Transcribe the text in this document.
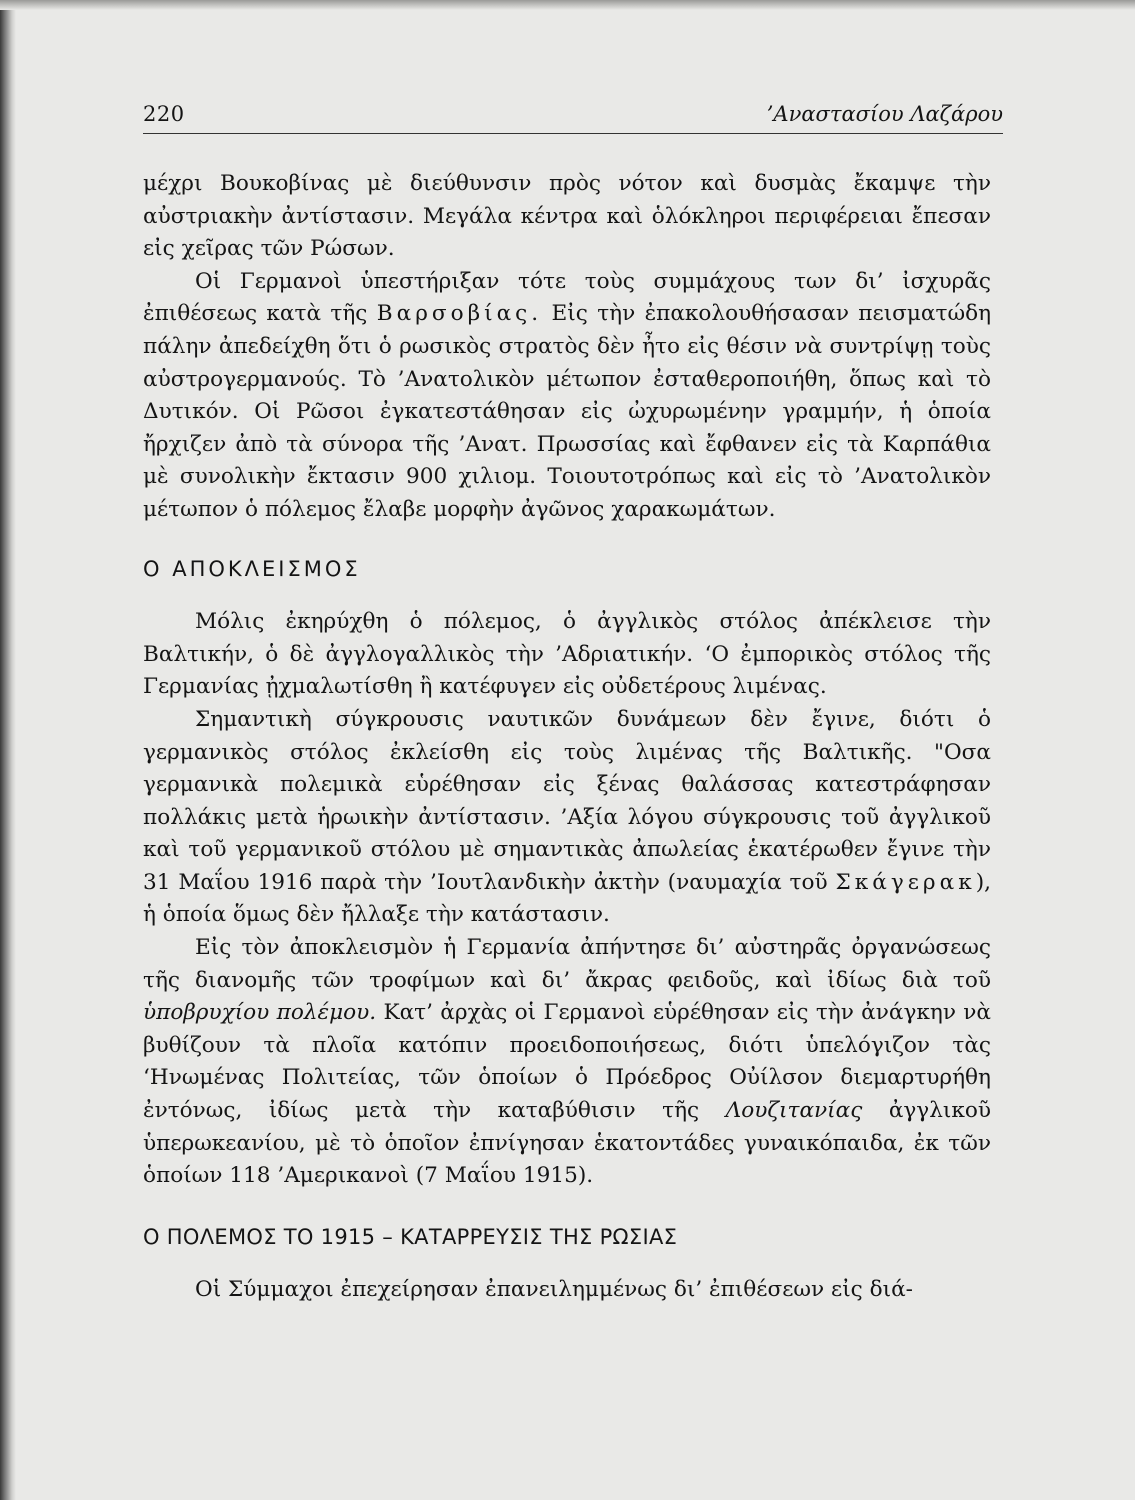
220	’Αναστασίου Λαζάρου

μέχρι Βουκοβίνας μὲ διεύθυνσιν πρὸς νότον καὶ δυσμὰς ἔκαμψε τὴν αὐστριακὴν ἀντίστασιν. Μεγάλα κέντρα καὶ ὁλόκληροι περιφέρειαι ἔπεσαν εἰς χεῖρας τῶν Ρώσων.

Οἱ Γερμανοὶ ὑπεστήριξαν τότε τοὺς συμμάχους των δι’ ἰσχυρᾶς ἐπιθέσεως κατὰ τῆς Βαρσοβίας. Εἰς τὴν ἐπακολουθήσασαν πεισματώδη πάλην ἀπεδείχθη ὅτι ὁ ρωσικὸς στρατὸς δὲν ἦτο εἰς θέσιν νὰ συντρίψῃ τοὺς αὐστρογερμανούς. Τὸ ’Ανατολικὸν μέτωπον ἐσταθεροποιήθη, ὅπως καὶ τὸ Δυτικόν. Οἱ Ρῶσοι ἐγκατεστάθησαν εἰς ὠχυρωμένην γραμμήν, ἡ ὁποία ἤρχιζεν ἀπὸ τὰ σύνορα τῆς ’Ανατ. Πρωσσίας καὶ ἔφθανεν εἰς τὰ Καρπάθια μὲ συνολικὴν ἔκτασιν 900 χιλιομ. Τοιουτοτρόπως καὶ εἰς τὸ ’Ανατολικὸν μέτωπον ὁ πόλεμος ἔλαβε μορφὴν ἀγῶνος χαρακωμάτων.

Ο ΑΠΟΚΛΕΙΣΜΟΣ

Μόλις ἐκηρύχθη ὁ πόλεμος, ὁ ἀγγλικὸς στόλος ἀπέκλεισε τὴν Βαλτικήν, ὁ δὲ ἀγγλογαλλικὸς τὴν ’Αδριατικήν. ‘Ο ἐμπορικὸς στόλος τῆς Γερμανίας ᾐχμαλωτίσθη ἢ κατέφυγεν εἰς οὐδετέρους λιμένας.

Σημαντικὴ σύγκρουσις ναυτικῶν δυνάμεων δὲν ἔγινε, διότι ὁ γερμανικὸς στόλος ἐκλείσθη εἰς τοὺς λιμένας τῆς Βαλτικῆς. "Οσα γερμανικὰ πολεμικὰ εὑρέθησαν εἰς ξένας θαλάσσας κατεστράφησαν πολλάκις μετὰ ἡρωικὴν ἀντίστασιν. ’Αξία λόγου σύγκρουσις τοῦ ἀγγλικοῦ καὶ τοῦ γερμανικοῦ στόλου μὲ σημαντικὰς ἀπωλείας ἑκατέρωθεν ἔγινε τὴν 31 Μαΐου 1916 παρὰ τὴν ’Ιουτλανδικὴν ἀκτὴν (ναυμαχία τοῦ Σκάγερακ), ἡ ὁποία ὅμως δὲν ἤλλαξε τὴν κατάστασιν.

Εἰς τὸν ἀποκλεισμὸν ἡ Γερμανία ἀπήντησε δι’ αὐστηρᾶς ὀργανώσεως τῆς διανομῆς τῶν τροφίμων καὶ δι’ ἄκρας φειδοῦς, καὶ ἰδίως διὰ τοῦ ὑποβρυχίου πολέμου. Κατ’ ἀρχὰς οἱ Γερμανοὶ εὑρέθησαν εἰς τὴν ἀνάγκην νὰ βυθίζουν τὰ πλοῖα κατόπιν προειδοποιήσεως, διότι ὑπελόγιζον τὰς ‘Ηνωμένας Πολιτείας, τῶν ὁποίων ὁ Πρόεδρος Οὐίλσον διεμαρτυρήθη ἐντόνως, ἰδίως μετὰ τὴν καταβύθισιν τῆς Λουζιτανίας ἀγγλικοῦ ὑπερωκεανίου, μὲ τὸ ὁποῖον ἐπνίγησαν ἑκατοντάδες γυναικόπαιδα, ἐκ τῶν ὁποίων 118 ’Αμερικανοὶ (7 Μαΐου 1915).

Ο ΠΟΛΕΜΟΣ ΤΟ 1915 – ΚΑΤΑΡΡΕΥΣΙΣ ΤΗΣ ΡΩΣΙΑΣ

Οἱ Σύμμαχοι ἐπεχείρησαν ἐπανειλημμένως δι’ ἐπιθέσεων εἰς διά-
